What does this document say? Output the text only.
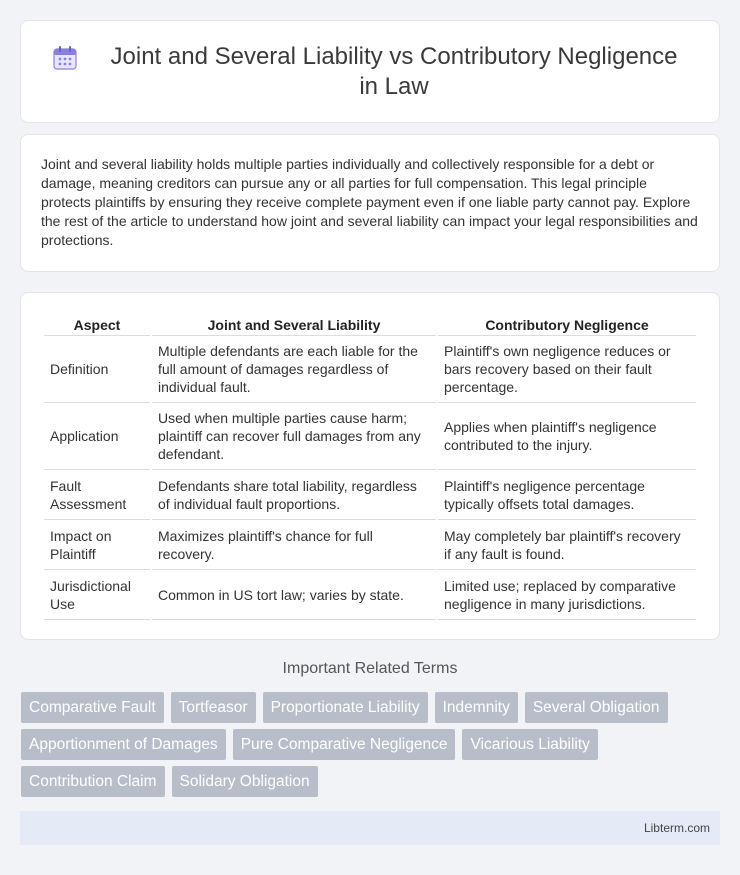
Joint and Several Liability vs Contributory Negligence in Law

Joint and several liability holds multiple parties individually and collectively responsible for a debt or damage, meaning creditors can pursue any or all parties for full compensation. This legal principle protects plaintiffs by ensuring they receive complete payment even if one liable party cannot pay. Explore the rest of the article to understand how joint and several liability can impact your legal responsibilities and protections.

Aspect	Joint and Several Liability	Contributory Negligence
Definition	Multiple defendants are each liable for the full amount of damages regardless of individual fault.	Plaintiff's own negligence reduces or bars recovery based on their fault percentage.
Application	Used when multiple parties cause harm; plaintiff can recover full damages from any defendant.	Applies when plaintiff's negligence contributed to the injury.
Fault Assessment	Defendants share total liability, regardless of individual fault proportions.	Plaintiff's negligence percentage typically offsets total damages.
Impact on Plaintiff	Maximizes plaintiff's chance for full recovery.	May completely bar plaintiff's recovery if any fault is found.
Jurisdictional Use	Common in US tort law; varies by state.	Limited use; replaced by comparative negligence in many jurisdictions.
Important Related Terms
Comparative Fault	Tortfeasor	Proportionate Liability	Indemnity	Several Obligation
Apportionment of Damages	Pure Comparative Negligence	Vicarious Liability
Contribution Claim	Solidary Obligation
Libterm.com
